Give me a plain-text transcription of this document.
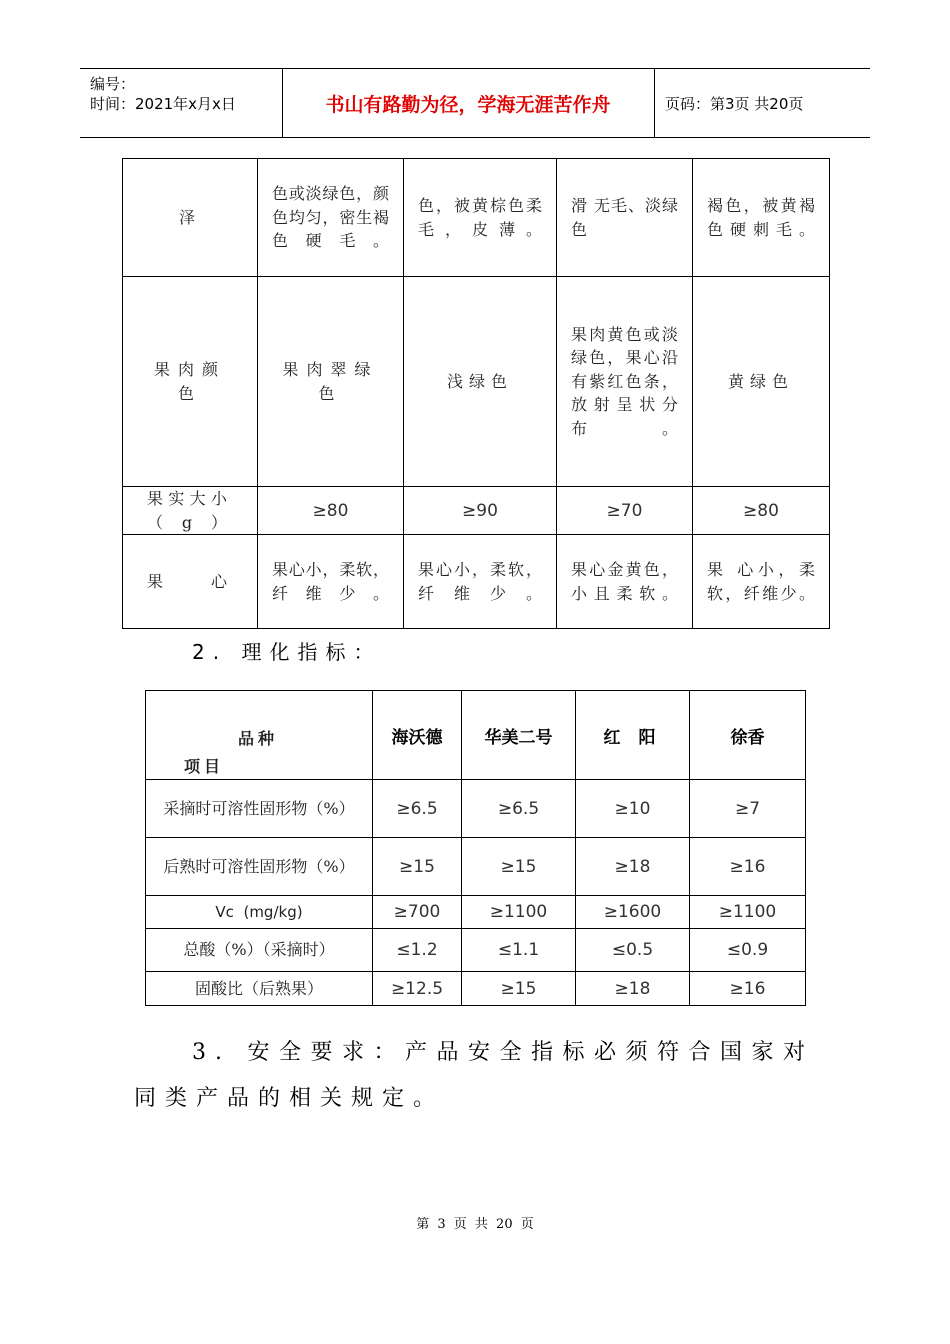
编号：
时间：2021年x月x日	书山有路勤为径，学海无涯苦作舟	页码：第3页 共20页
泽	色或淡绿色，颜色均匀，密生褐色硬毛。	色，被黄棕色柔毛，皮薄。	滑 无毛、淡绿色	褐色，被黄褐色硬刺毛。
果肉颜色	果肉翠绿色	浅绿色	果肉黄色或淡绿色，果心沿有紫红色条，放射呈状分布。	黄绿色
果实大小（g）	≥80	≥90	≥70	≥80
果 心	果心小，柔软，纤维少。	果心小，柔软，纤维少。	果心金黄色，小且柔软。	果 心小，柔软，纤维少。
2. 理化指标：
品种
项目	海沃德	华美二号	红 阳	徐香
采摘时可溶性固形物（%）	≥6.5	≥6.5	≥10	≥7
后熟时可溶性固形物（%）	≥15	≥15	≥18	≥16
Vc  (mg/kg)	≥700	≥1100	≥1600	≥1100
总酸（%）（采摘时）	≤1.2	≤1.1	≤0.5	≤0.9
固酸比（后熟果）	≥12.5	≥15	≥18	≥16
3. 安全要求：产品安全指标必须符合国家对同类产品的相关规定。
第 3 页 共 20 页
